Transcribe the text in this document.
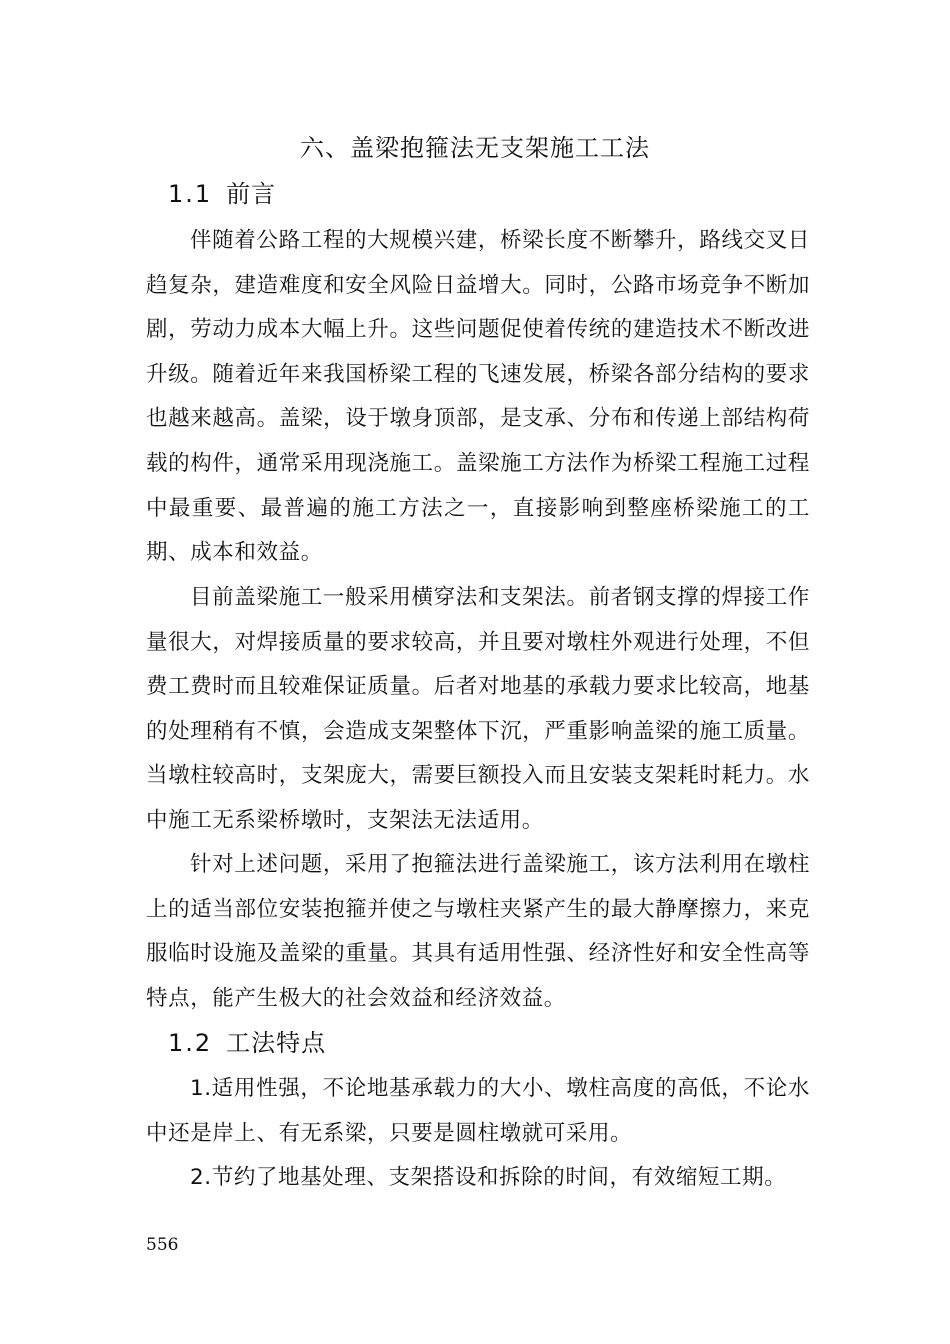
六、盖梁抱箍法无支架施工工法
1.1 前言

伴随着公路工程的大规模兴建，桥梁长度不断攀升，路线交叉日趋复杂，建造难度和安全风险日益增大。同时，公路市场竞争不断加剧，劳动力成本大幅上升。这些问题促使着传统的建造技术不断改进升级。随着近年来我国桥梁工程的飞速发展，桥梁各部分结构的要求也越来越高。盖梁，设于墩身顶部，是支承、分布和传递上部结构荷载的构件，通常采用现浇施工。盖梁施工方法作为桥梁工程施工过程中最重要、最普遍的施工方法之一，直接影响到整座桥梁施工的工期、成本和效益。

目前盖梁施工一般采用横穿法和支架法。前者钢支撑的焊接工作量很大，对焊接质量的要求较高，并且要对墩柱外观进行处理，不但费工费时而且较难保证质量。后者对地基的承载力要求比较高，地基的处理稍有不慎，会造成支架整体下沉，严重影响盖梁的施工质量。当墩柱较高时，支架庞大，需要巨额投入而且安装支架耗时耗力。水中施工无系梁桥墩时，支架法无法适用。

针对上述问题，采用了抱箍法进行盖梁施工，该方法利用在墩柱上的适当部位安装抱箍并使之与墩柱夹紧产生的最大静摩擦力，来克服临时设施及盖梁的重量。其具有适用性强、经济性好和安全性高等特点，能产生极大的社会效益和经济效益。

1.2 工法特点

1.适用性强，不论地基承载力的大小、墩柱高度的高低，不论水中还是岸上、有无系梁，只要是圆柱墩就可采用。

2.节约了地基处理、支架搭设和拆除的时间，有效缩短工期。

556
